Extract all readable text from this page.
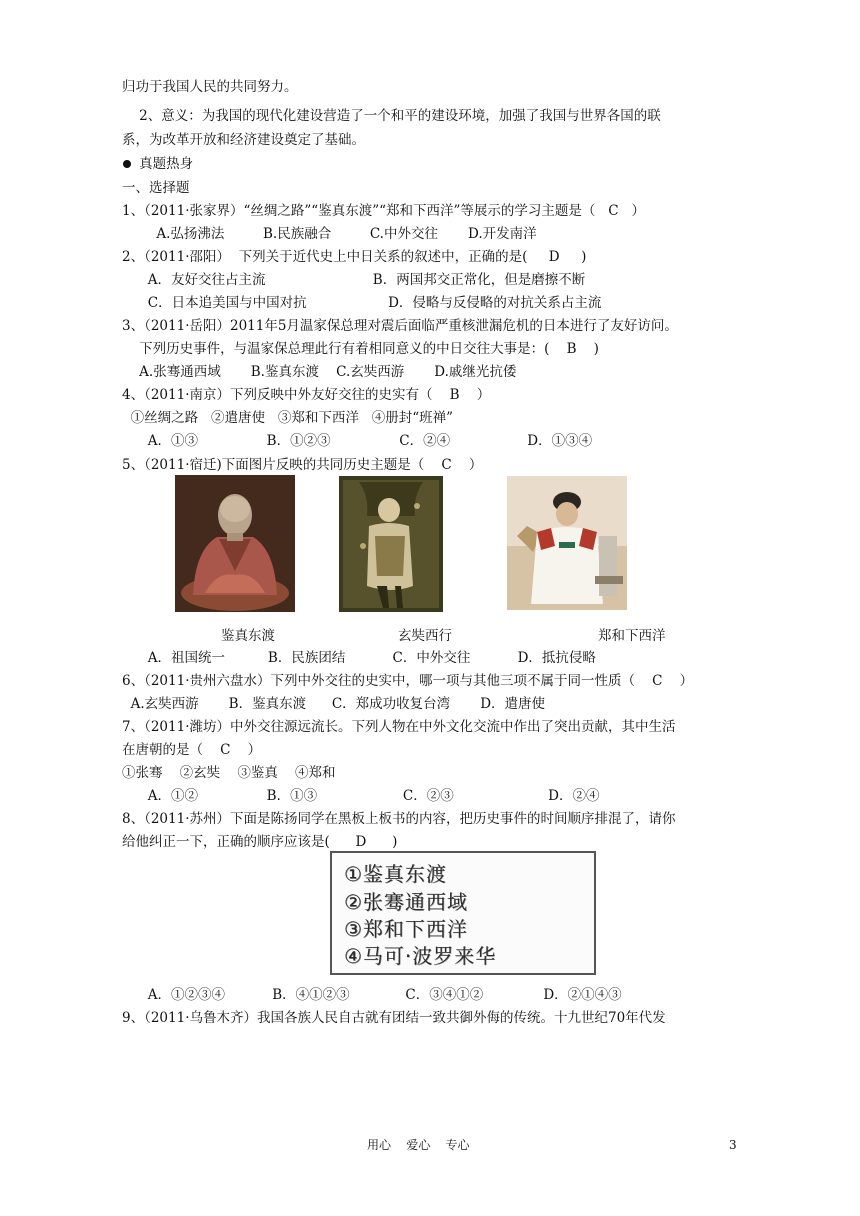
归功于我国人民的共同努力。
2、意义：为我国的现代化建设营造了一个和平的建设环境，加强了我国与世界各国的联
系，为改革开放和经济建设奠定了基础。
真题热身
一、选择题
1、（2011·张家界）“丝绸之路”“鉴真东渡”“郑和下西洋”等展示的学习主题是（   C   ）
A.弘扬沸法         B.民族融合         C.中外交往       D.开发南洋
2、（2011·邵阳）  下列关于近代史上中日关系的叙述中，正确的是(     D     )
A．友好交往占主流                         B．两国邦交正常化，但是磨擦不断
C．日本追美国与中国对抗                   D．侵略与反侵略的对抗关系占主流
3、（2011·岳阳）2011年5月温家保总理对震后面临严重核泄漏危机的日本进行了友好访问。
下列历史事件，与温家保总理此行有着相同意义的中日交往大事是：(    B    )
A.张骞通西域       B.鉴真东渡    C.玄奘西游       D.戚继光抗倭
4、（2011·南京）下列反映中外友好交往的史实有（    B    ）
①丝绸之路   ②遣唐使   ③郑和下西洋   ④册封“班禅”
A．①③                B．①②③                C．②④                  D．①③④
5、（2011·宿迁)下面图片反映的共同历史主题是（    C    ）
鉴真东渡	玄奘西行	郑和下西洋
A．祖国统一          B．民族团结           C．中外交往           D．抵抗侵略
6、（2011·贵州六盘水）下列中外交往的史实中，哪一项与其他三项不属于同一性质（    C    ）
A.玄奘西游       B．鉴真东渡      C．郑成功收复台湾       D．遣唐使
7、（2011·潍坊）中外交往源远流长。下列人物在中外文化交流中作出了突出贡献，其中生活
在唐朝的是（    C    ）
①张骞    ②玄奘    ③鉴真    ④郑和
A．①②                B．①③                    C．②③                      D．②④
8、（2011·苏州）下面是陈扬同学在黑板上板书的内容，把历史事件的时间顺序排混了，请你
给他纠正一下，正确的顺序应该是(      D      )
①鉴真东渡
②张骞通西域
③郑和下西洋
④马可·波罗来华
A．①②③④           B．④①②③             C．③④①②              D．②①④③
9、（2011·乌鲁木齐）我国各族人民自古就有团结一致共御外侮的传统。十九世纪70年代发
用心    爱心    专心	3
